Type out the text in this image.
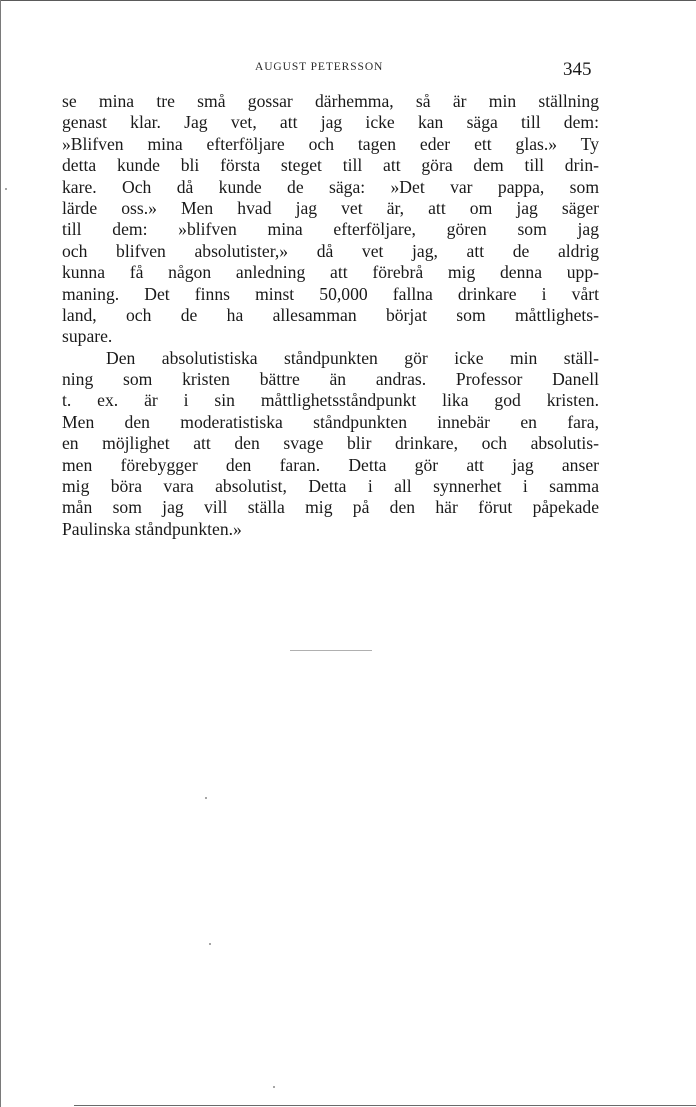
AUGUST PETERSSON	345
se mina tre små gossar därhemma, så är min ställning
genast klar. Jag vet, att jag icke kan säga till dem:
»Blifven mina efterföljare och tagen eder ett glas.» Ty
detta kunde bli första steget till att göra dem till drin-
kare. Och då kunde de säga: »Det var pappa, som
lärde oss.» Men hvad jag vet är, att om jag säger
till dem: »blifven mina efterföljare, gören som jag
och blifven absolutister,» då vet jag, att de aldrig
kunna få någon anledning att förebrå mig denna upp-
maning. Det finns minst 50,000 fallna drinkare i vårt
land, och de ha allesamman börjat som måttlighets-
supare.
Den absolutistiska ståndpunkten gör icke min ställ-
ning som kristen bättre än andras. Professor Danell
t. ex. är i sin måttlighetsståndpunkt lika god kristen.
Men den moderatistiska ståndpunkten innebär en fara,
en möjlighet att den svage blir drinkare, och absolutis-
men förebygger den faran. Detta gör att jag anser
mig böra vara absolutist, Detta i all synnerhet i samma
mån som jag vill ställa mig på den här förut påpekade
Paulinska ståndpunkten.»
